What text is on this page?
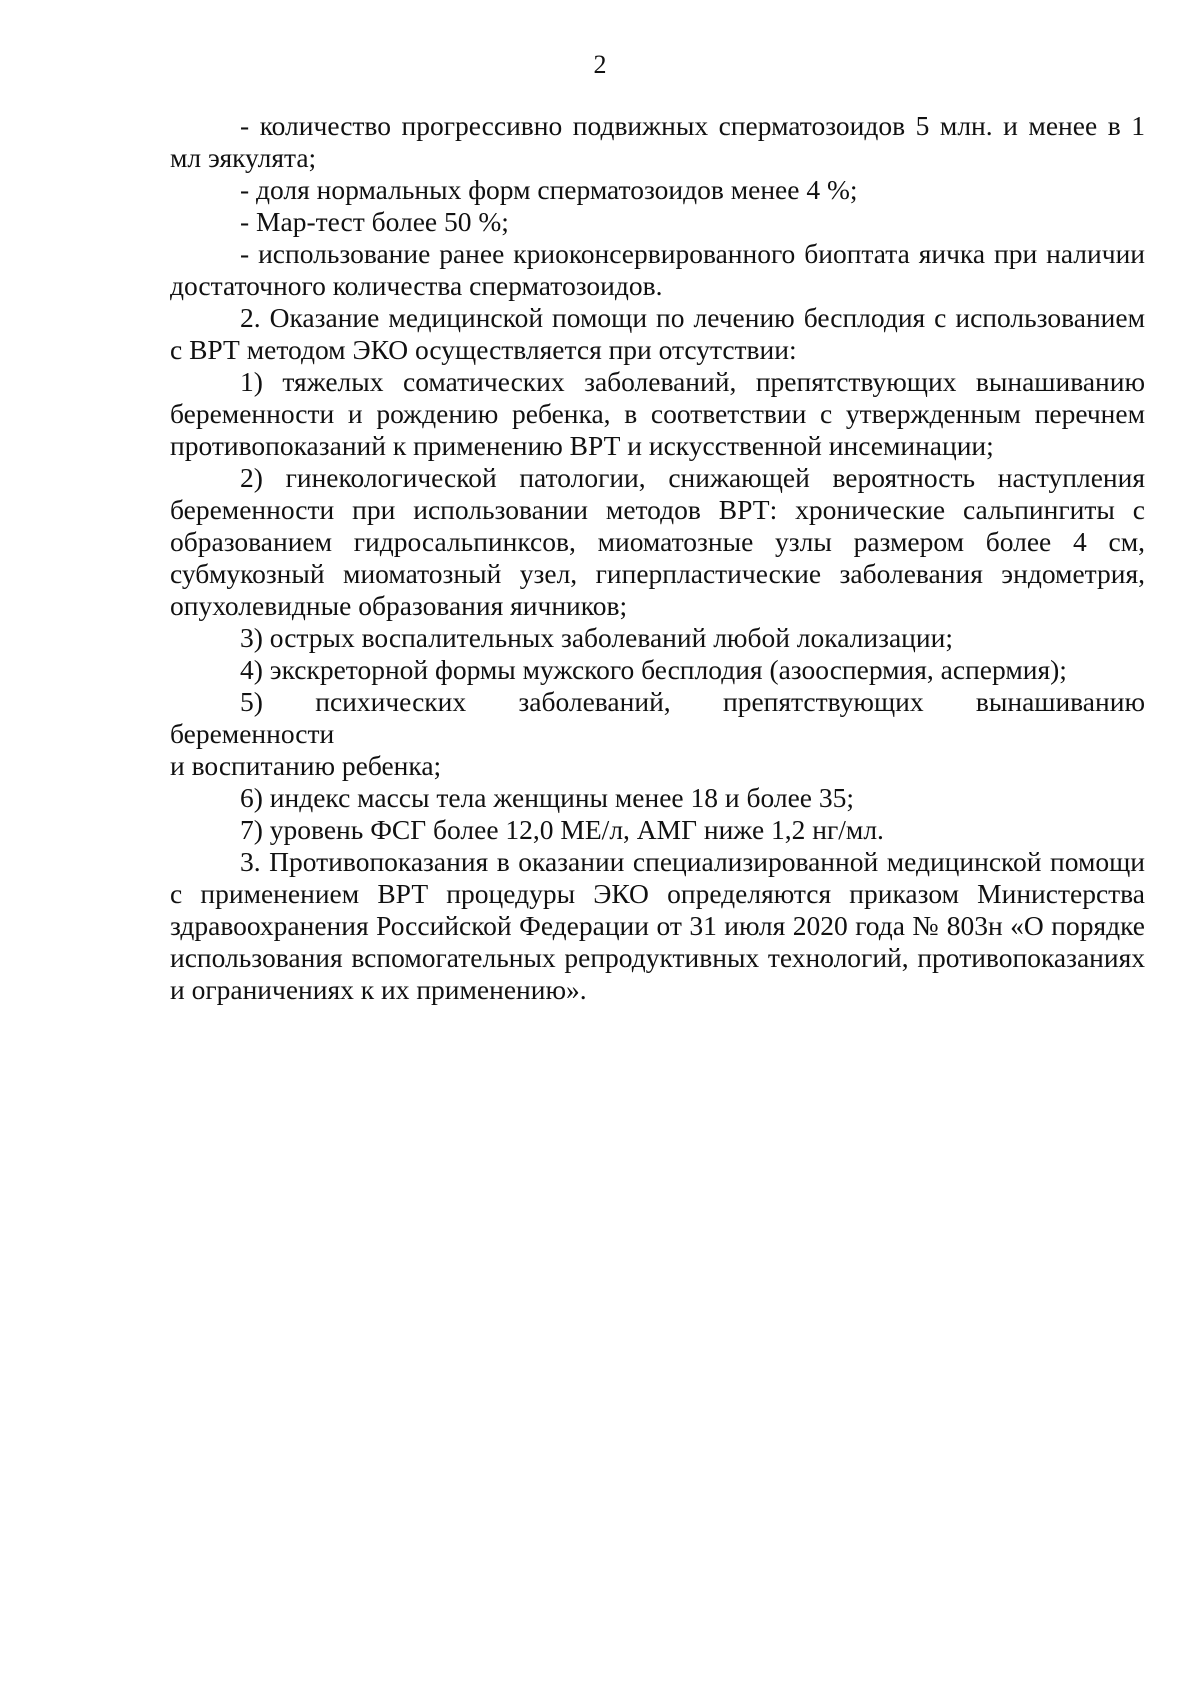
2

- количество прогрессивно подвижных сперматозоидов 5 млн. и менее в 1 мл эякулята;

- доля нормальных форм сперматозоидов менее 4 %;

- Мар-тест более 50 %;

- использование ранее криоконсервированного биоптата яичка при наличии достаточного количества сперматозоидов.

2. Оказание медицинской помощи по лечению бесплодия с использованием с ВРТ методом ЭКО осуществляется при отсутствии:

1) тяжелых соматических заболеваний, препятствующих вынашиванию беременности и рождению ребенка, в соответствии с утвержденным перечнем противопоказаний к применению ВРТ и искусственной инсеминации;

2) гинекологической патологии, снижающей вероятность наступления беременности при использовании методов ВРТ: хронические сальпингиты с образованием гидросальпинксов, миоматозные узлы размером более 4 см, субмукозный миоматозный узел, гиперпластические заболевания эндометрия, опухолевидные образования яичников;

3) острых воспалительных заболеваний любой локализации;

4) экскреторной формы мужского бесплодия (азооспермия, аспермия);

5) психических заболеваний, препятствующих вынашиванию беременности

и воспитанию ребенка;

6) индекс массы тела женщины менее 18 и более 35;

7) уровень ФСГ более 12,0 МЕ/л, АМГ ниже 1,2 нг/мл.

3. Противопоказания в оказании специализированной медицинской помощи с применением ВРТ процедуры ЭКО определяются приказом Министерства здравоохранения Российской Федерации от 31 июля 2020 года № 803н «О порядке использования вспомогательных репродуктивных технологий, противопоказаниях и ограничениях к их применению».
